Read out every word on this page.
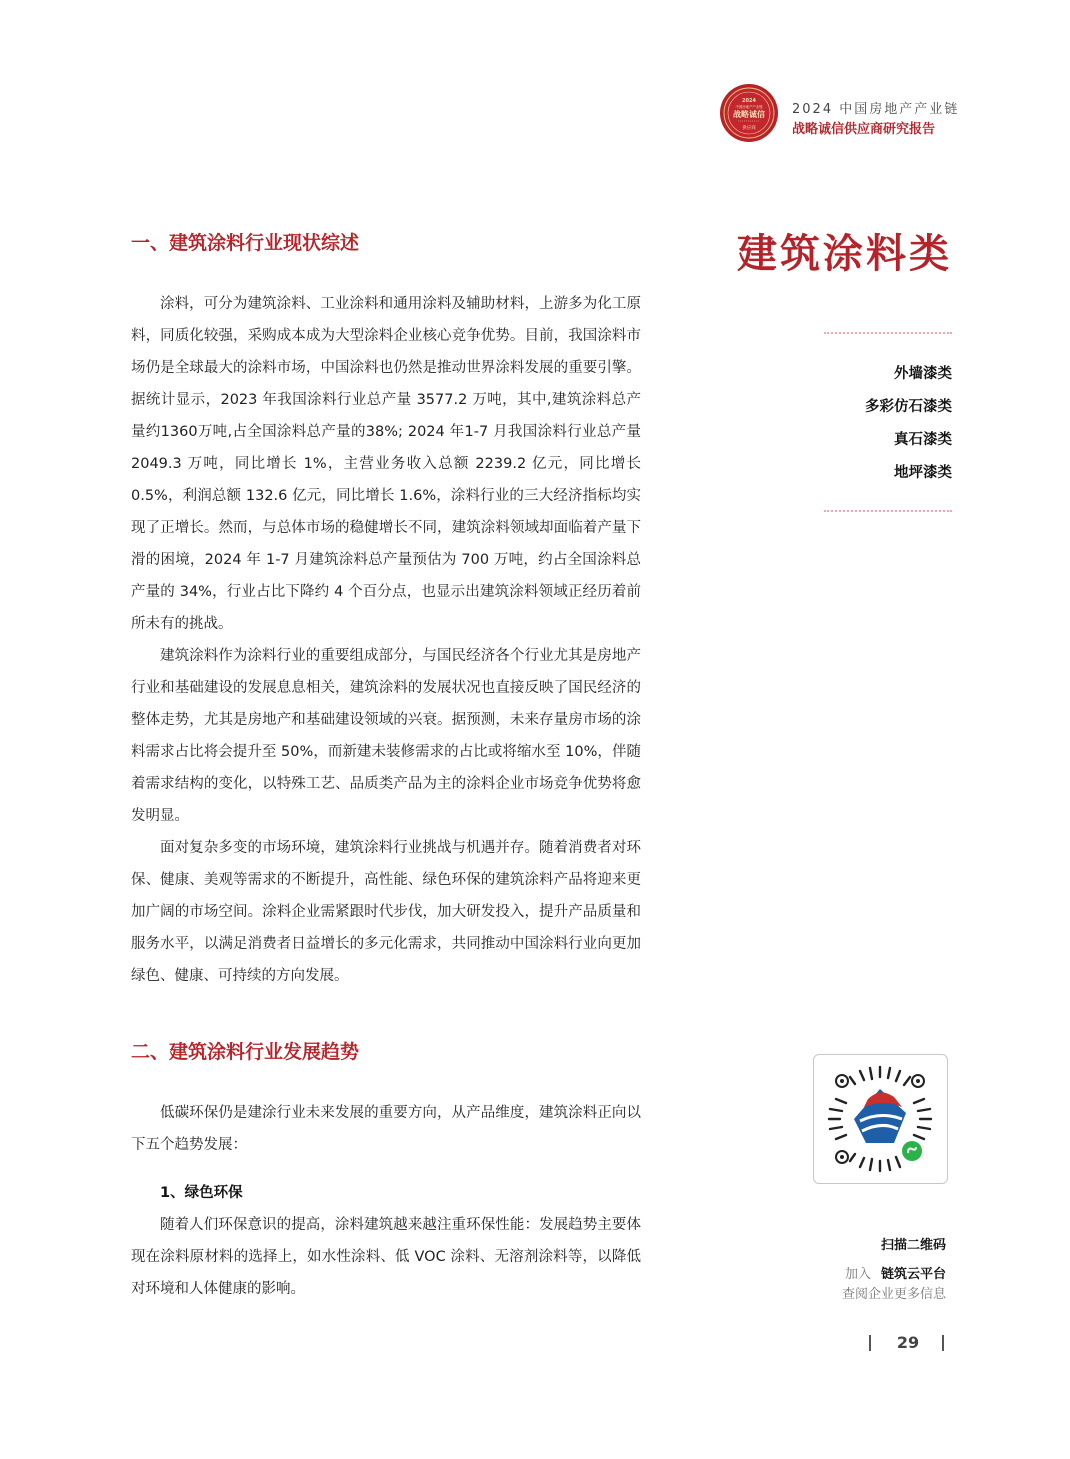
2024
中国房地产产业链
战略诚信
供应商
2024 中国房地产产业链
战略诚信供应商研究报告
一、建筑涂料行业现状综述

涂料，可分为建筑涂料、工业涂料和通用涂料及辅助材料，上游多为化工原料，同质化较强，采购成本成为大型涂料企业核心竞争优势。目前，我国涂料市场仍是全球最大的涂料市场，中国涂料也仍然是推动世界涂料发展的重要引擎。据统计显示，2023 年我国涂料行业总产量 3577.2 万吨，其中,建筑涂料总产量约1360万吨,占全国涂料总产量的38%; 2024 年1-7 月我国涂料行业总产量 2049.3 万吨，同比增长 1%，主营业务收入总额 2239.2 亿元，同比增长 0.5%，利润总额 132.6 亿元，同比增长 1.6%，涂料行业的三大经济指标均实现了正增长。然而，与总体市场的稳健增长不同，建筑涂料领域却面临着产量下滑的困境，2024 年 1-7 月建筑涂料总产量预估为 700 万吨，约占全国涂料总产量的 34%，行业占比下降约 4 个百分点，也显示出建筑涂料领域正经历着前所未有的挑战。

建筑涂料作为涂料行业的重要组成部分，与国民经济各个行业尤其是房地产行业和基础建设的发展息息相关，建筑涂料的发展状况也直接反映了国民经济的整体走势，尤其是房地产和基础建设领域的兴衰。据预测，未来存量房市场的涂料需求占比将会提升至 50%，而新建未装修需求的占比或将缩水至 10%，伴随着需求结构的变化，以特殊工艺、品质类产品为主的涂料企业市场竞争优势将愈发明显。

面对复杂多变的市场环境，建筑涂料行业挑战与机遇并存。随着消费者对环保、健康、美观等需求的不断提升，高性能、绿色环保的建筑涂料产品将迎来更加广阔的市场空间。涂料企业需紧跟时代步伐，加大研发投入，提升产品质量和服务水平，以满足消费者日益增长的多元化需求，共同推动中国涂料行业向更加绿色、健康、可持续的方向发展。

二、建筑涂料行业发展趋势

低碳环保仍是建涂行业未来发展的重要方向，从产品维度，建筑涂料正向以下五个趋势发展：

1、绿色环保

随着人们环保意识的提高，涂料建筑越来越注重环保性能：发展趋势主要体现在涂料原材料的选择上，如水性涂料、低 VOC 涂料、无溶剂涂料等，以降低对环境和人体健康的影响。

建筑涂料类
外墙漆类
多彩仿石漆类
真石漆类
地坪漆类
扫描二维码
加入 链筑云平台
查阅企业更多信息
29
